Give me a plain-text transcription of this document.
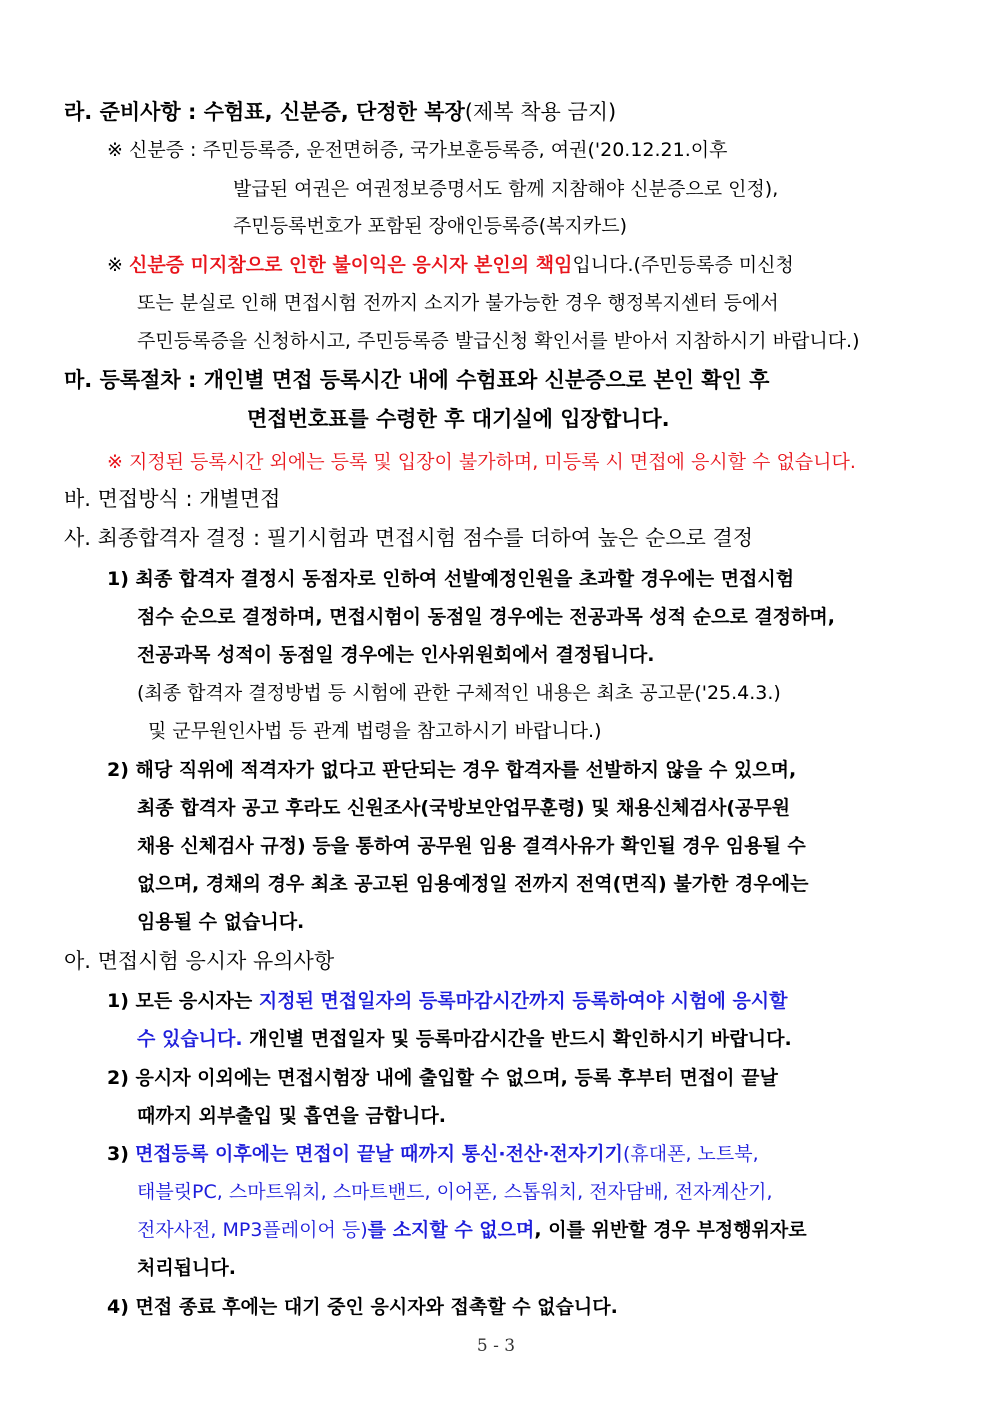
라. 준비사항 : 수험표, 신분증, 단정한 복장(제복 착용 금지)
※ 신분증 : 주민등록증, 운전면허증, 국가보훈등록증, 여권('20.12.21.이후
발급된 여권은 여권정보증명서도 함께 지참해야 신분증으로 인정),
주민등록번호가 포함된 장애인등록증(복지카드)
※ 신분증 미지참으로 인한 불이익은 응시자 본인의 책임입니다.(주민등록증 미신청
또는 분실로 인해 면접시험 전까지 소지가 불가능한 경우 행정복지센터 등에서
주민등록증을 신청하시고, 주민등록증 발급신청 확인서를 받아서 지참하시기 바랍니다.)
마. 등록절차 : 개인별 면접 등록시간 내에 수험표와 신분증으로 본인 확인 후
면접번호표를 수령한 후 대기실에 입장합니다.
※ 지정된 등록시간 외에는 등록 및 입장이 불가하며, 미등록 시 면접에 응시할 수 없습니다.
바. 면접방식 : 개별면접
사. 최종합격자 결정 : 필기시험과 면접시험 점수를 더하여 높은 순으로 결정
1) 최종 합격자 결정시 동점자로 인하여 선발예정인원을 초과할 경우에는 면접시험
점수 순으로 결정하며, 면접시험이 동점일 경우에는 전공과목 성적 순으로 결정하며,
전공과목 성적이 동점일 경우에는 인사위원회에서 결정됩니다.
(최종 합격자 결정방법 등 시험에 관한 구체적인 내용은 최초 공고문('25.4.3.)
및 군무원인사법 등 관계 법령을 참고하시기 바랍니다.)
2) 해당 직위에 적격자가 없다고 판단되는 경우 합격자를 선발하지 않을 수 있으며,
최종 합격자 공고 후라도 신원조사(국방보안업무훈령) 및 채용신체검사(공무원
채용 신체검사 규정) 등을 통하여 공무원 임용 결격사유가 확인될 경우 임용될 수
없으며, 경채의 경우 최초 공고된 임용예정일 전까지 전역(면직) 불가한 경우에는
임용될 수 없습니다.
아. 면접시험 응시자 유의사항
1) 모든 응시자는 지정된 면접일자의 등록마감시간까지 등록하여야 시험에 응시할
수 있습니다. 개인별 면접일자 및 등록마감시간을 반드시 확인하시기 바랍니다.
2) 응시자 이외에는 면접시험장 내에 출입할 수 없으며, 등록 후부터 면접이 끝날
때까지 외부출입 및 흡연을 금합니다.
3) 면접등록 이후에는 면접이 끝날 때까지 통신·전산·전자기기(휴대폰, 노트북,
태블릿PC, 스마트워치, 스마트밴드, 이어폰, 스톱워치, 전자담배, 전자계산기,
전자사전, MP3플레이어 등)를 소지할 수 없으며, 이를 위반할 경우 부정행위자로
처리됩니다.
4) 면접 종료 후에는 대기 중인 응시자와 접촉할 수 없습니다.
5 - 3
